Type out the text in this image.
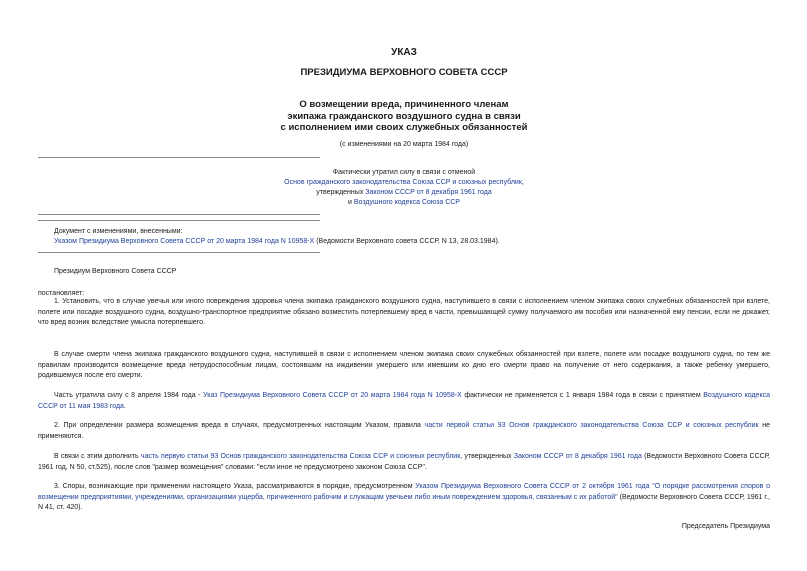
УКАЗ
ПРЕЗИДИУМА ВЕРХОВНОГО СОВЕТА СССР
О возмещении вреда, причиненного членам
экипажа гражданского воздушного судна в связи
с исполнением ими своих служебных обязанностей
(с изменениями на 20 марта 1984 года)
Фактически утратил силу в связи с отменой
Основ гражданского законодательства Союза ССР и союзных республик,
утвержденных Законом СССР от 8 декабря 1961 года
и Воздушного кодекса Союза ССР
Документ с изменениями, внесенными:
Указом Президиума Верховного Совета СССР от 20 марта 1984 года N 10958-X (Ведомости Верховного совета СССР, N 13, 28.03.1984).
Президиум Верховного Совета СССР
постановляет:
1. Установить, что в случае увечья или иного повреждения здоровья члена экипажа гражданского воздушного судна, наступившего в связи с исполнением членом экипажа своих служебных обязанностей при взлете, полете или посадке воздушного судна, воздушно-транспортное предприятие обязано возместить потерпевшему вред в части, превышающей сумму получаемого им пособия или назначенной ему пенсии, если не докажет, что вред возник вследствие умысла потерпевшего.
В случае смерти члена экипажа гражданского воздушного судна, наступившей в связи с исполнением членом экипажа своих служебных обязанностей при взлете, полете или посадке воздушного судна, по тем же правилам производится возмещение вреда нетрудоспособным лицам, состоявшим на иждивении умершего или имевшим ко дню его смерти право на получение от него содержания, а также ребенку умершего, родившемуся после его смерти.
Часть утратила силу с 8 апреля 1984 года - Указ Президиума Верховного Совета СССР от 20 марта 1984 года N 10958-X фактически не применяется с 1 января 1984 года в связи с принятием Воздушного кодекса СССР от 11 мая 1983 года.
2. При определении размера возмещения вреда в случаях, предусмотренных настоящим Указом, правила части первой статьи 93 Основ гражданского законодательства Союза ССР и союзных республик не применяются.
В связи с этим дополнить часть первую статьи 93 Основ гражданского законодательства Союза ССР и союзных республик, утвержденных Законом СССР от 8 декабря 1961 года (Ведомости Верховного Совета СССР, 1961 год, N 50, ст.525), после слов "размер возмещения" словами: "если иное не предусмотрено законом Союза ССР".
3. Споры, возникающие при применении настоящего Указа, рассматриваются в порядке, предусмотренном Указом Президиума Верховного Совета СССР от 2 октября 1961 года "О порядке рассмотрения споров о возмещении предприятиями, учреждениями, организациями ущерба, причиненного рабочим и служащим увечьем либо иным повреждением здоровья, связанным с их работой" (Ведомости Верховного Совета СССР, 1961 г., N 41, ст. 420).
Председатель Президиума
